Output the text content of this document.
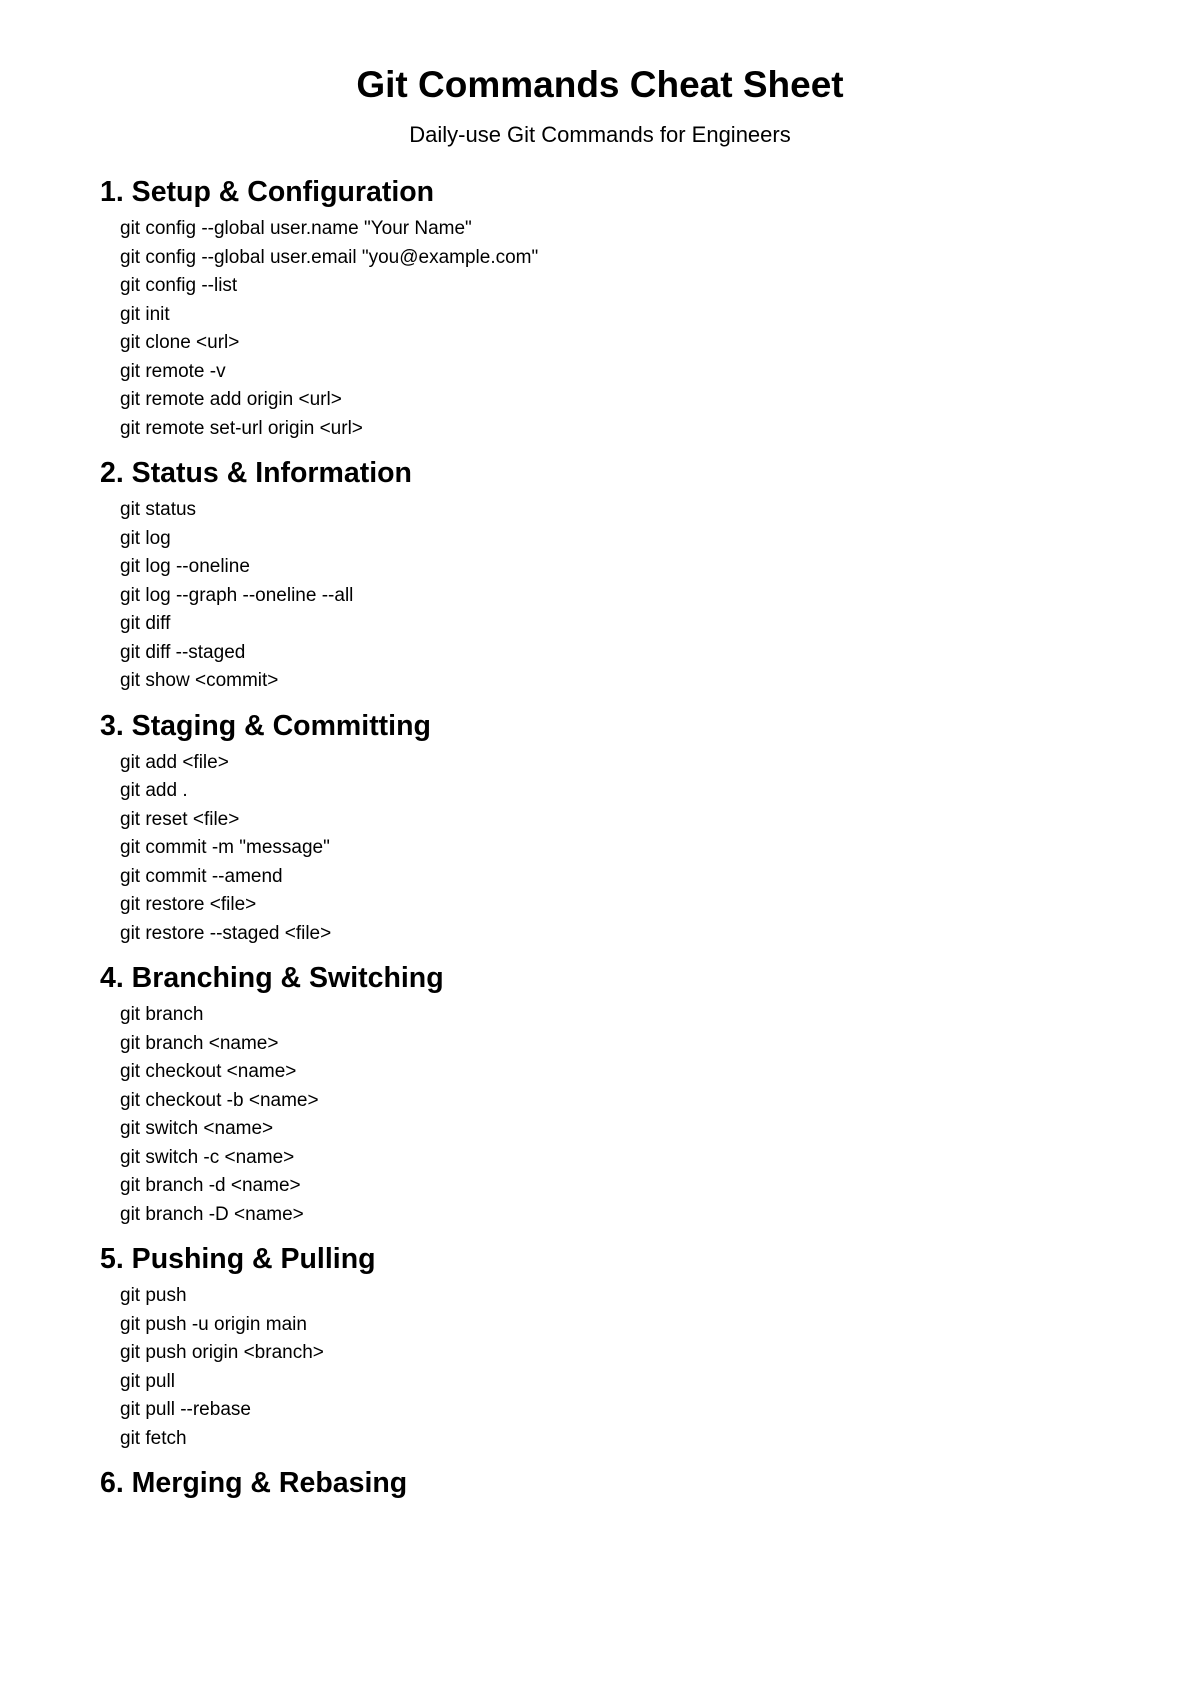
Git Commands Cheat Sheet
Daily-use Git Commands for Engineers
1. Setup & Configuration
git config --global user.name "Your Name"
git config --global user.email "you@example.com"
git config --list
git init
git clone <url>
git remote -v
git remote add origin <url>
git remote set-url origin <url>
2. Status & Information
git status
git log
git log --oneline
git log --graph --oneline --all
git diff
git diff --staged
git show <commit>
3. Staging & Committing
git add <file>
git add .
git reset <file>
git commit -m "message"
git commit --amend
git restore <file>
git restore --staged <file>
4. Branching & Switching
git branch
git branch <name>
git checkout <name>
git checkout -b <name>
git switch <name>
git switch -c <name>
git branch -d <name>
git branch -D <name>
5. Pushing & Pulling
git push
git push -u origin main
git push origin <branch>
git pull
git pull --rebase
git fetch
6. Merging & Rebasing
